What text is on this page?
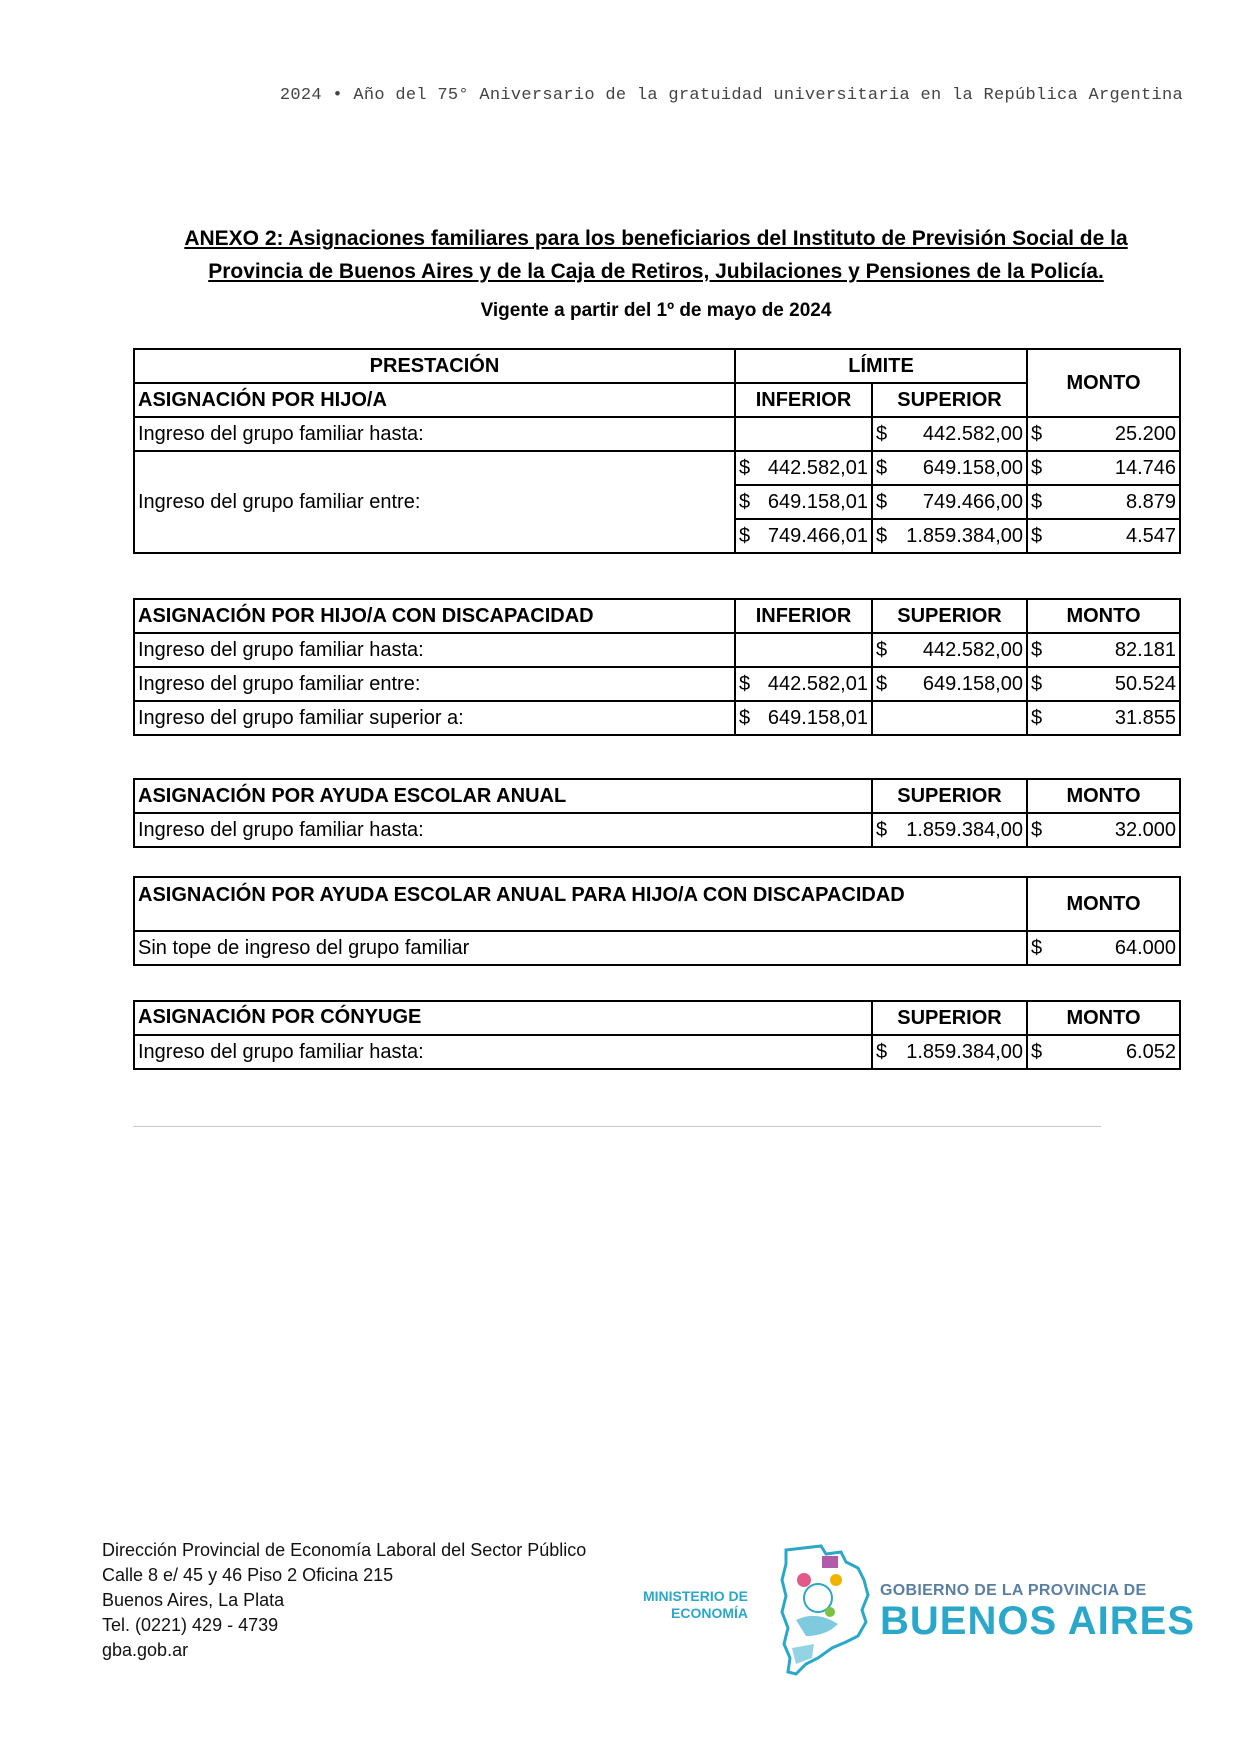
2024 • Año del 75° Aniversario de la gratuidad universitaria en la República Argentina
ANEXO 2: Asignaciones familiares para los beneficiarios del Instituto de Previsión Social de la
Provincia de Buenos Aires y de la Caja de Retiros, Jubilaciones y Pensiones de la Policía.
Vigente a partir del 1º de mayo de 2024
PRESTACIÓN	LÍMITE		MONTO
ASIGNACIÓN POR HIJO/A	INFERIOR	SUPERIOR	
Ingreso del grupo familiar hasta:		$ 442.582,00	$ 25.200

Ingreso del grupo familiar entre:	$ 442.582,01	$ 649.158,00	$ 14.746

	$ 649.158,01	$ 749.466,00	$ 8.879

	$ 749.466,01	$ 1.859.384,00	$ 4.547
ASIGNACIÓN POR HIJO/A CON DISCAPACIDAD	INFERIOR	SUPERIOR	MONTO
Ingreso del grupo familiar hasta:		$ 442.582,00	$ 82.181

Ingreso del grupo familiar entre:	$ 442.582,01	$ 649.158,00	$ 50.524

Ingreso del grupo familiar superior a:	$ 649.158,01		$ 31.855
ASIGNACIÓN POR AYUDA ESCOLAR ANUAL	SUPERIOR	MONTO
Ingreso del grupo familiar hasta:	$ 1.859.384,00	$ 32.000
ASIGNACIÓN POR AYUDA ESCOLAR ANUAL PARA HIJO/A CON DISCAPACIDAD	MONTO
Sin tope de ingreso del grupo familiar	$ 64.000
ASIGNACIÓN POR CÓNYUGE	SUPERIOR	MONTO
Ingreso del grupo familiar hasta:	$ 1.859.384,00	$ 6.052
Dirección Provincial de Economía Laboral del Sector Público
Calle 8 e/ 45 y 46 Piso 2 Oficina 215
Buenos Aires, La Plata
Tel. (0221) 429 - 4739
gba.gob.ar
MINISTERIO DE
ECONOMÍA
GOBIERNO DE LA PROVINCIA DE
BUENOS AIRES
